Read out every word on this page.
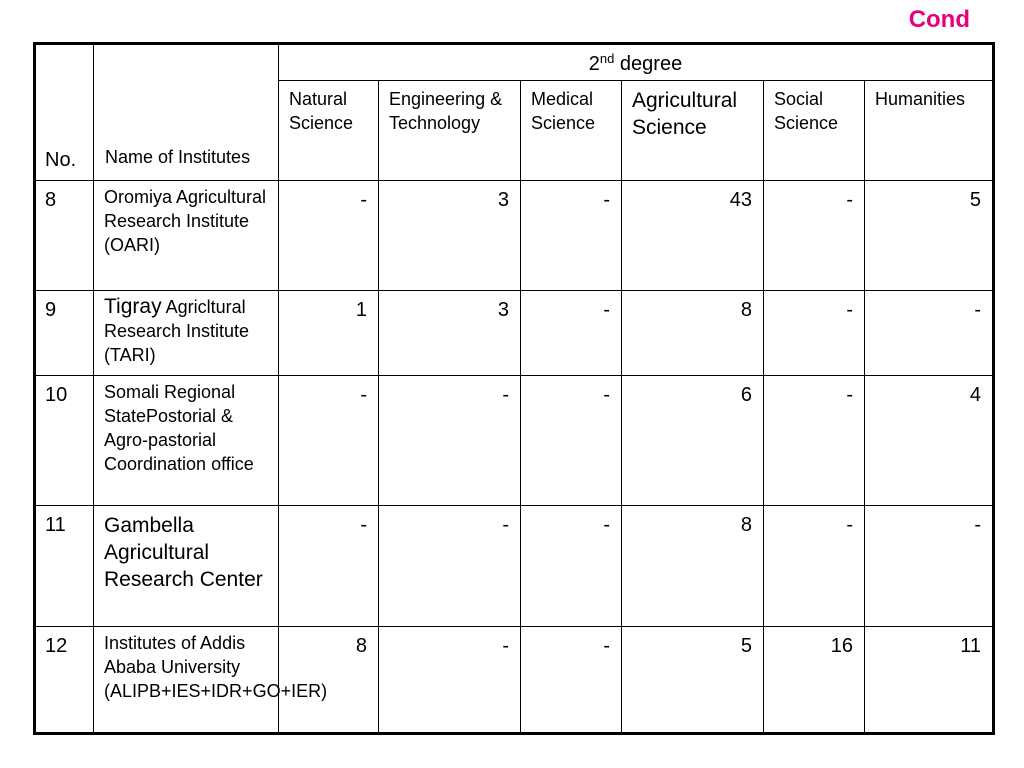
Cond
No.	Name of Institutes	2nd degree					
		Natural Science	Engineering & Technology	Medical Science	Agricultural Science	Social Science	Humanities
8	Oromiya Agricultural Research Institute (OARI)	-	3	-	43	-	5
9	Tigray Agricltural Research Institute (TARI)	1	3	-	8	-	-
10	Somali Regional StatePostorial & Agro-pastorial Coordination office	-	-	-	6	-	4
11	Gambella Agricultural Research Center	-	-	-	8	-	-
12	Institutes of Addis Ababa University (ALIPB+IES+IDR+GO+IER)	8	-	-	5	16	11
